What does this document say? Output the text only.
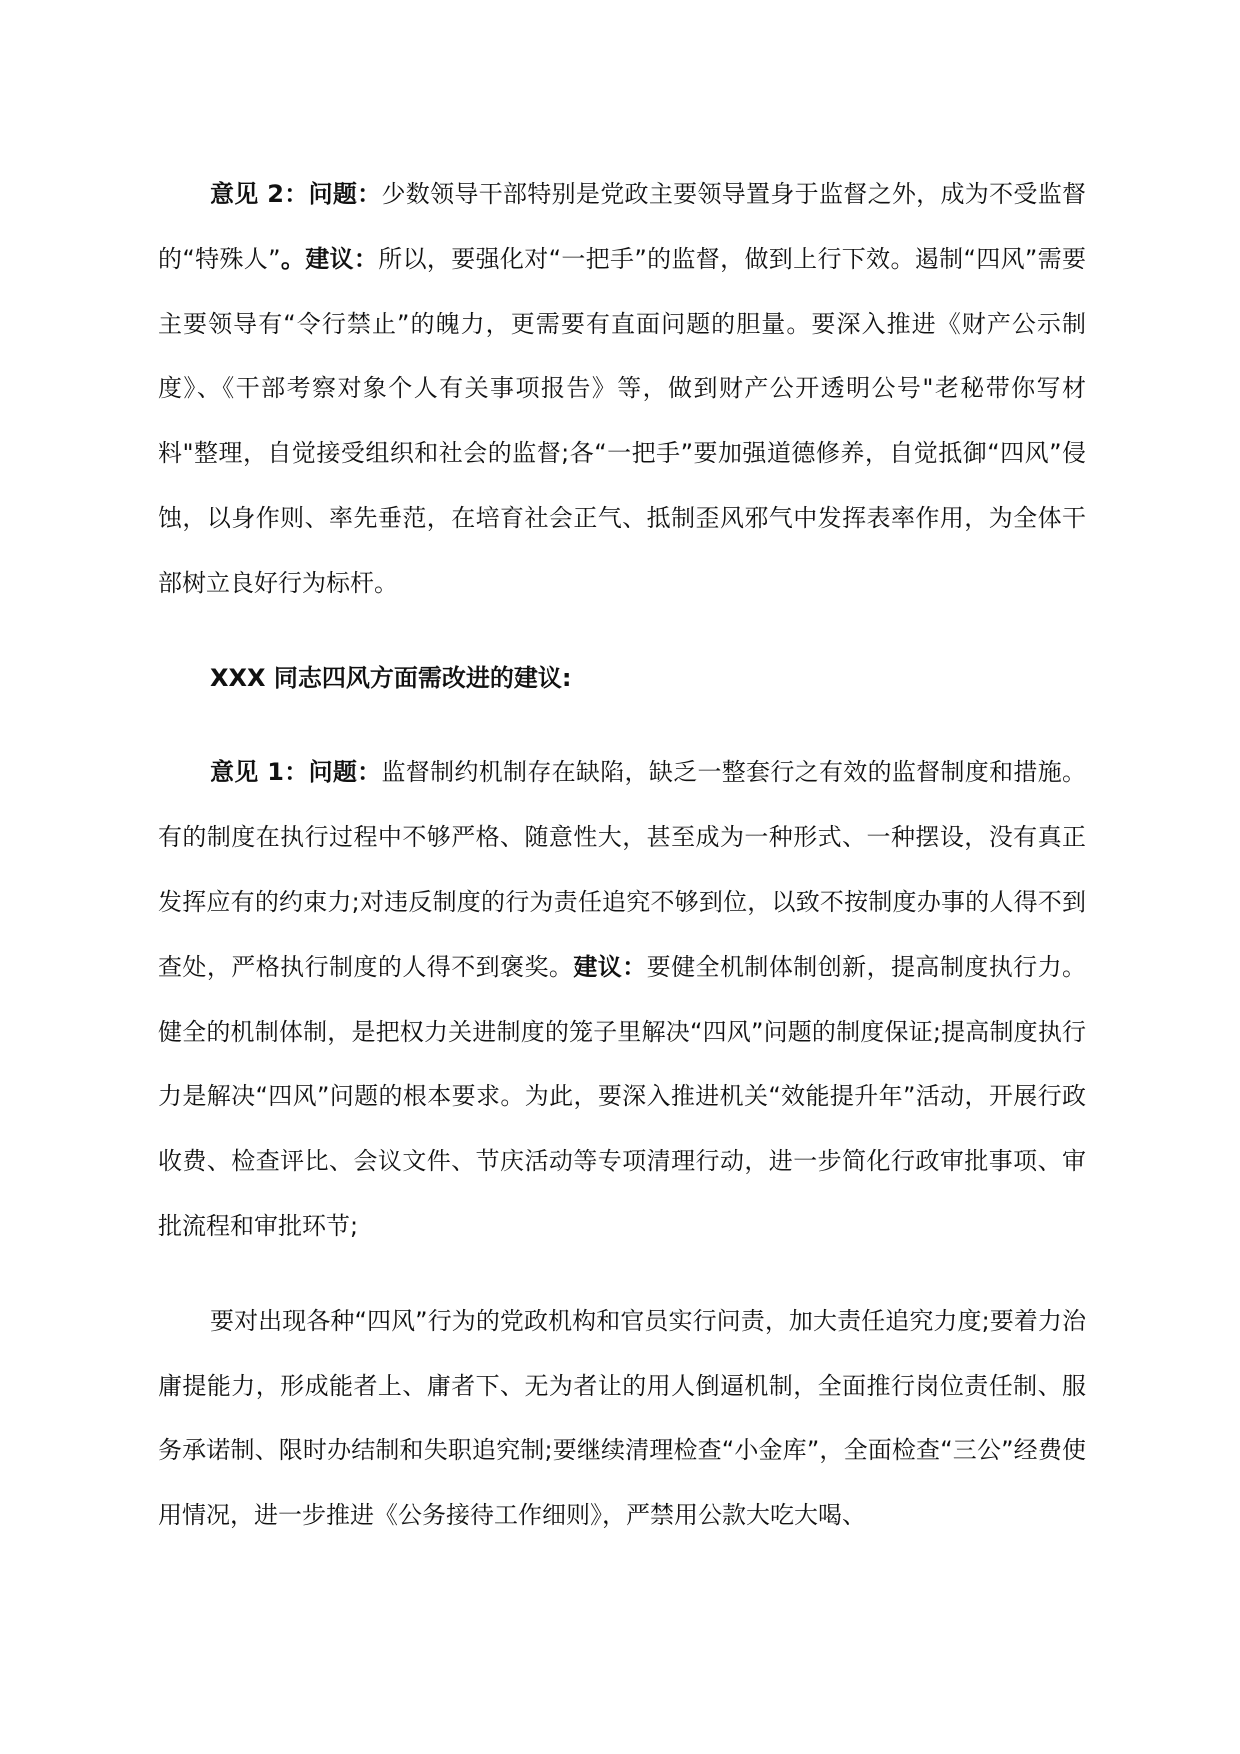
意见 2：问题：少数领导干部特别是党政主要领导置身于监督之外，成为不受监督的“特殊人”。建议：所以，要强化对“一把手”的监督，做到上行下效。遏制“四风”需要主要领导有“令行禁止”的魄力，更需要有直面问题的胆量。要深入推进《财产公示制度》、《干部考察对象个人有关事项报告》等，做到财产公开透明公号"老秘带你写材料"整理，自觉接受组织和社会的监督;各“一把手”要加强道德修养，自觉抵御“四风”侵蚀，以身作则、率先垂范，在培育社会正气、抵制歪风邪气中发挥表率作用，为全体干部树立良好行为标杆。

XXX 同志四风方面需改进的建议:

意见 1：问题：监督制约机制存在缺陷，缺乏一整套行之有效的监督制度和措施。有的制度在执行过程中不够严格、随意性大，甚至成为一种形式、一种摆设，没有真正发挥应有的约束力;对违反制度的行为责任追究不够到位，以致不按制度办事的人得不到查处，严格执行制度的人得不到褒奖。建议：要健全机制体制创新，提高制度执行力。健全的机制体制，是把权力关进制度的笼子里解决“四风”问题的制度保证;提高制度执行力是解决“四风”问题的根本要求。为此，要深入推进机关“效能提升年”活动，开展行政收费、检查评比、会议文件、节庆活动等专项清理行动，进一步简化行政审批事项、审批流程和审批环节;

要对出现各种“四风”行为的党政机构和官员实行问责，加大责任追究力度;要着力治庸提能力，形成能者上、庸者下、无为者让的用人倒逼机制，全面推行岗位责任制、服务承诺制、限时办结制和失职追究制;要继续清理检查“小金库”，全面检查“三公”经费使用情况，进一步推进《公务接待工作细则》，严禁用公款大吃大喝、
